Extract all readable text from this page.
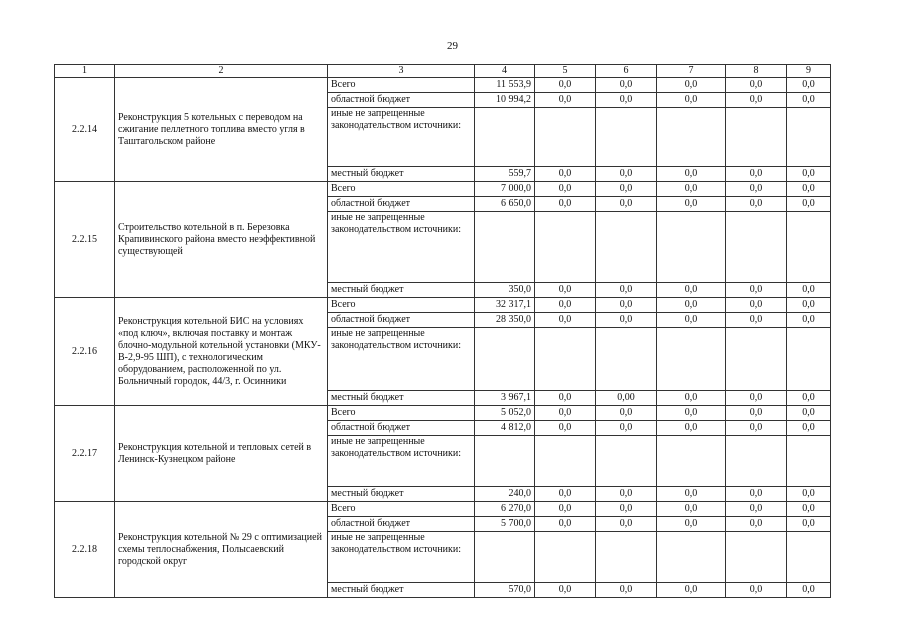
29
1	2	3	4	5	6	7	8	9
2.2.14	Реконструкция 5 котельных с переводом на сжигание пеллетного топлива вместо угля в Таштагольском районе	Всего	11 553,9	0,0	0,0	0,0	0,0	0,0
		областной бюджет	10 994,2	0,0	0,0	0,0	0,0	0,0
		иные не запрещенные законодательством источники:						
		местный бюджет	559,7	0,0	0,0	0,0	0,0	0,0
2.2.15	Строительство котельной в п. Березовка Крапивинского района вместо неэффективной существующей	Всего	7 000,0	0,0	0,0	0,0	0,0	0,0
		областной бюджет	6 650,0	0,0	0,0	0,0	0,0	0,0
		иные не запрещенные законодательством источники:						
		местный бюджет	350,0	0,0	0,0	0,0	0,0	0,0
2.2.16	Реконструкция котельной БИС на условиях «под ключ», включая поставку и монтаж блочно-модульной котельной установки (МКУ-В-2,9-95 ШП), с технологическим оборудованием, расположенной по ул. Больничный городок, 44/3, г. Осинники	Всего	32 317,1	0,0	0,0	0,0	0,0	0,0
		областной бюджет	28 350,0	0,0	0,0	0,0	0,0	0,0
		иные не запрещенные законодательством источники:						
		местный бюджет	3 967,1	0,0	0,00	0,0	0,0	0,0
2.2.17	Реконструкция котельной и тепловых сетей в Ленинск-Кузнецком районе	Всего	5 052,0	0,0	0,0	0,0	0,0	0,0
		областной бюджет	4 812,0	0,0	0,0	0,0	0,0	0,0
		иные не запрещенные законодательством источники:						
		местный бюджет	240,0	0,0	0,0	0,0	0,0	0,0
2.2.18	Реконструкция котельной № 29 с оптимизацией схемы теплоснабжения, Полысаевский городской округ	Всего	6 270,0	0,0	0,0	0,0	0,0	0,0
		областной бюджет	5 700,0	0,0	0,0	0,0	0,0	0,0
		иные не запрещенные законодательством источники:						
		местный бюджет	570,0	0,0	0,0	0,0	0,0	0,0
